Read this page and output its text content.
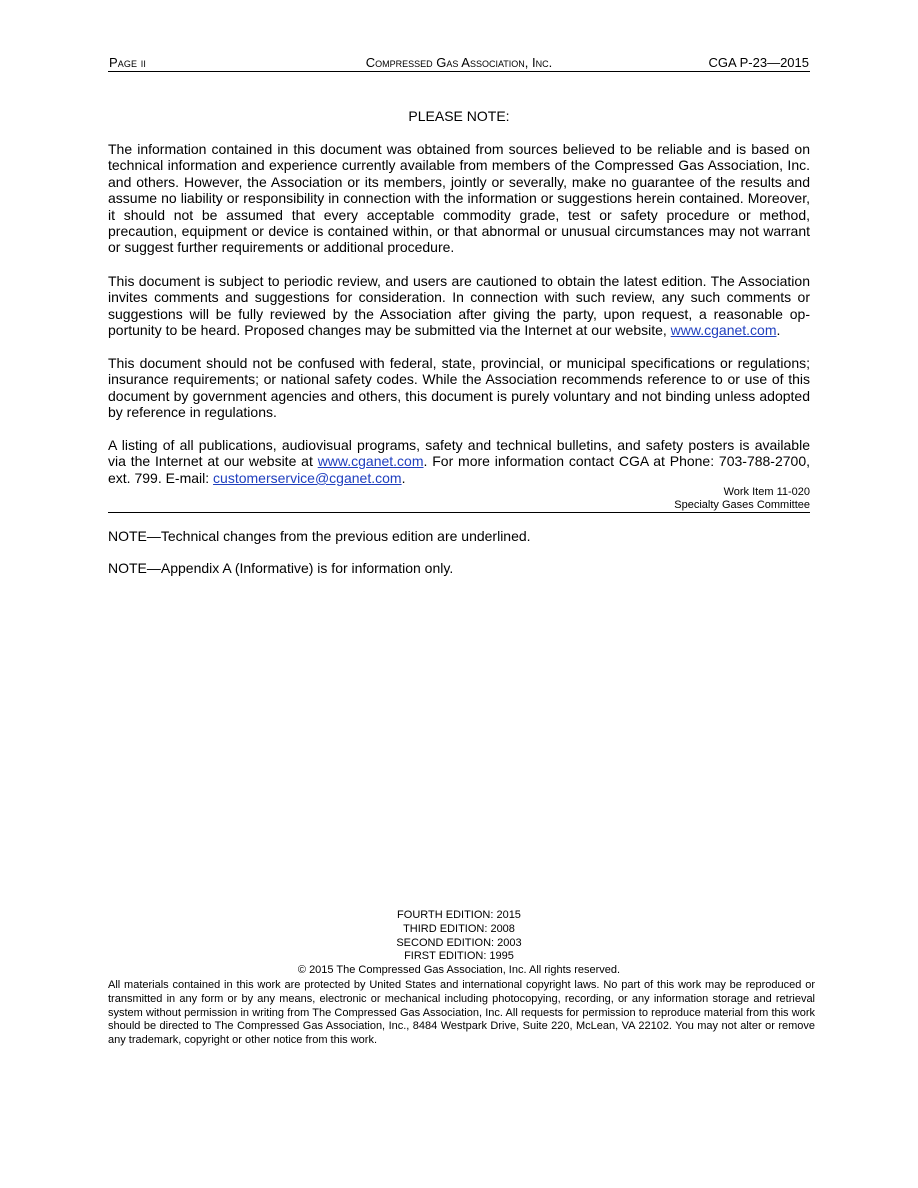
Page ii	Compressed Gas Association, Inc.	CGA P-23—2015
PLEASE NOTE:

The information contained in this document was obtained from sources believed to be reliable and is based on technical information and experience currently available from members of the Compressed Gas Association, Inc. and others. However, the Association or its members, jointly or severally, make no guarantee of the results and assume no liability or responsibility in connection with the information or suggestions herein contained. Moreover, it should not be assumed that every acceptable commodity grade, test or safety procedure or method, precaution, equipment or device is contained within, or that abnormal or unusual circumstances may not warrant or suggest further requirements or additional procedure.

This document is subject to periodic review, and users are cautioned to obtain the latest edition. The Association invites comments and suggestions for consideration. In connection with such review, any such comments or suggestions will be fully reviewed by the Association after giving the party, upon request, a reasonable opportunity to be heard. Proposed changes may be submitted via the Internet at our website, www.cganet.com.

This document should not be confused with federal, state, provincial, or municipal specifications or regulations; insurance requirements; or national safety codes. While the Association recommends reference to or use of this document by government agencies and others, this document is purely voluntary and not binding unless adopted by reference in regulations.

A listing of all publications, audiovisual programs, safety and technical bulletins, and safety posters is available via the Internet at our website at www.cganet.com. For more information contact CGA at Phone: 703-788-2700, ext. 799. E-mail: customerservice@cganet.com.

Work Item 11-020
Specialty Gases Committee
NOTE—Technical changes from the previous edition are underlined.
NOTE—Appendix A (Informative) is for information only.
FOURTH EDITION: 2015
THIRD EDITION: 2008
SECOND EDITION: 2003
FIRST EDITION: 1995
© 2015 The Compressed Gas Association, Inc. All rights reserved.

All materials contained in this work are protected by United States and international copyright laws. No part of this work may be reproduced or transmitted in any form or by any means, electronic or mechanical including photocopying, recording, or any information storage and retrieval system without permission in writing from The Compressed Gas Association, Inc. All requests for permission to reproduce material from this work should be directed to The Compressed Gas Association, Inc., 8484 Westpark Drive, Suite 220, McLean, VA 22102. You may not alter or remove any trademark, copyright or other notice from this work.
